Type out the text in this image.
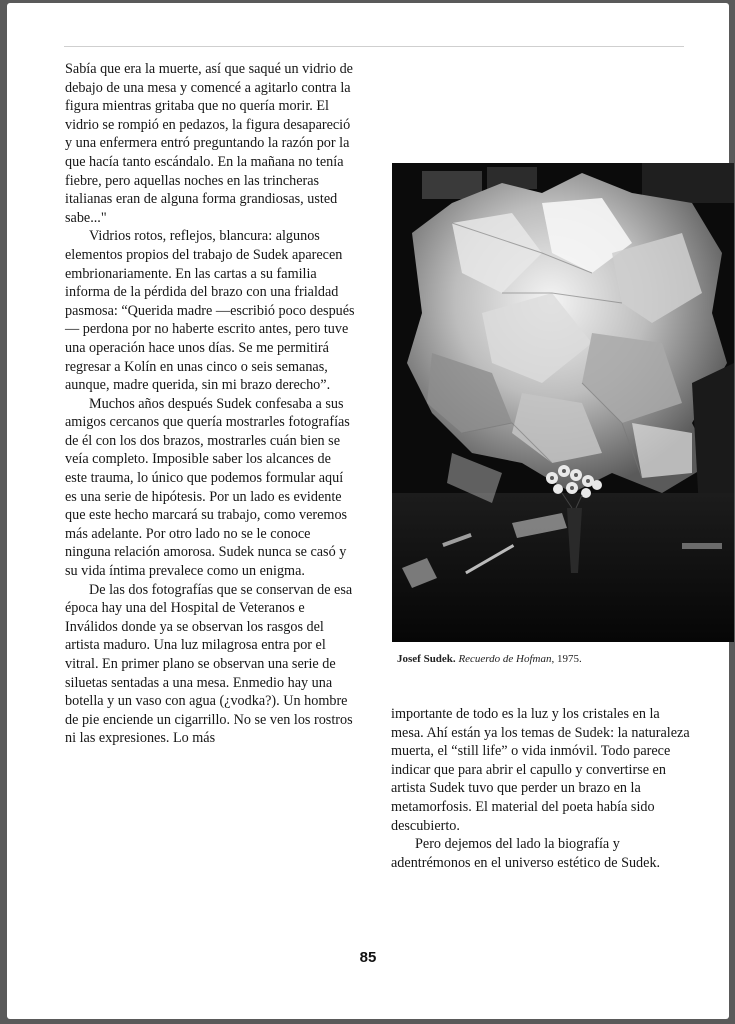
Sabía que era la muerte, así que saqué un vidrio de debajo de una mesa y comencé a agitarlo contra la figura mientras gritaba que no quería morir. El vidrio se rompió en pedazos, la figura desapareció y una enfermera entró preguntando la razón por la que hacía tanto escándalo. En la mañana no tenía fiebre, pero aquellas noches en las trincheras italianas eran de alguna forma grandiosas, usted sabe..."

Vidrios rotos, reflejos, blancura: algunos elementos propios del trabajo de Sudek aparecen embrionariamente. En las cartas a su familia informa de la pérdida del brazo con una frialdad pasmosa: “Querida madre —escribió poco después— perdona por no haberte escrito antes, pero tuve una operación hace unos días. Se me permitirá regresar a Kolín en unas cinco o seis semanas, aunque, madre querida, sin mi brazo derecho”.

Muchos años después Sudek confesaba a sus amigos cercanos que quería mostrarles fotografías de él con los dos brazos, mostrarles cuán bien se veía completo. Imposible saber los alcances de este trauma, lo único que podemos formular aquí es una serie de hipótesis. Por un lado es evidente que este hecho marcará su trabajo, como veremos más adelante. Por otro lado no se le conoce ninguna relación amorosa. Sudek nunca se casó y su vida íntima prevalece como un enigma.

De las dos fotografías que se conservan de esa época hay una del Hospital de Veteranos e Inválidos donde ya se observan los rasgos del artista maduro. Una luz milagrosa entra por el vitral. En primer plano se observan una serie de siluetas sentadas a una mesa. Enmedio hay una botella y un vaso con agua (¿vodka?). Un hombre de pie enciende un cigarrillo. No se ven los rostros ni las expresiones. Lo más

Josef Sudek. Recuerdo de Hofman, 1975.

importante de todo es la luz y los cristales en la mesa. Ahí están ya los temas de Sudek: la naturaleza muerta, el “still life” o vida inmóvil. Todo parece indicar que para abrir el capullo y convertirse en artista Sudek tuvo que perder un brazo en la metamorfosis. El material del poeta había sido descubierto.

Pero dejemos del lado la biografía y adentrémonos en el universo estético de Sudek.

85
